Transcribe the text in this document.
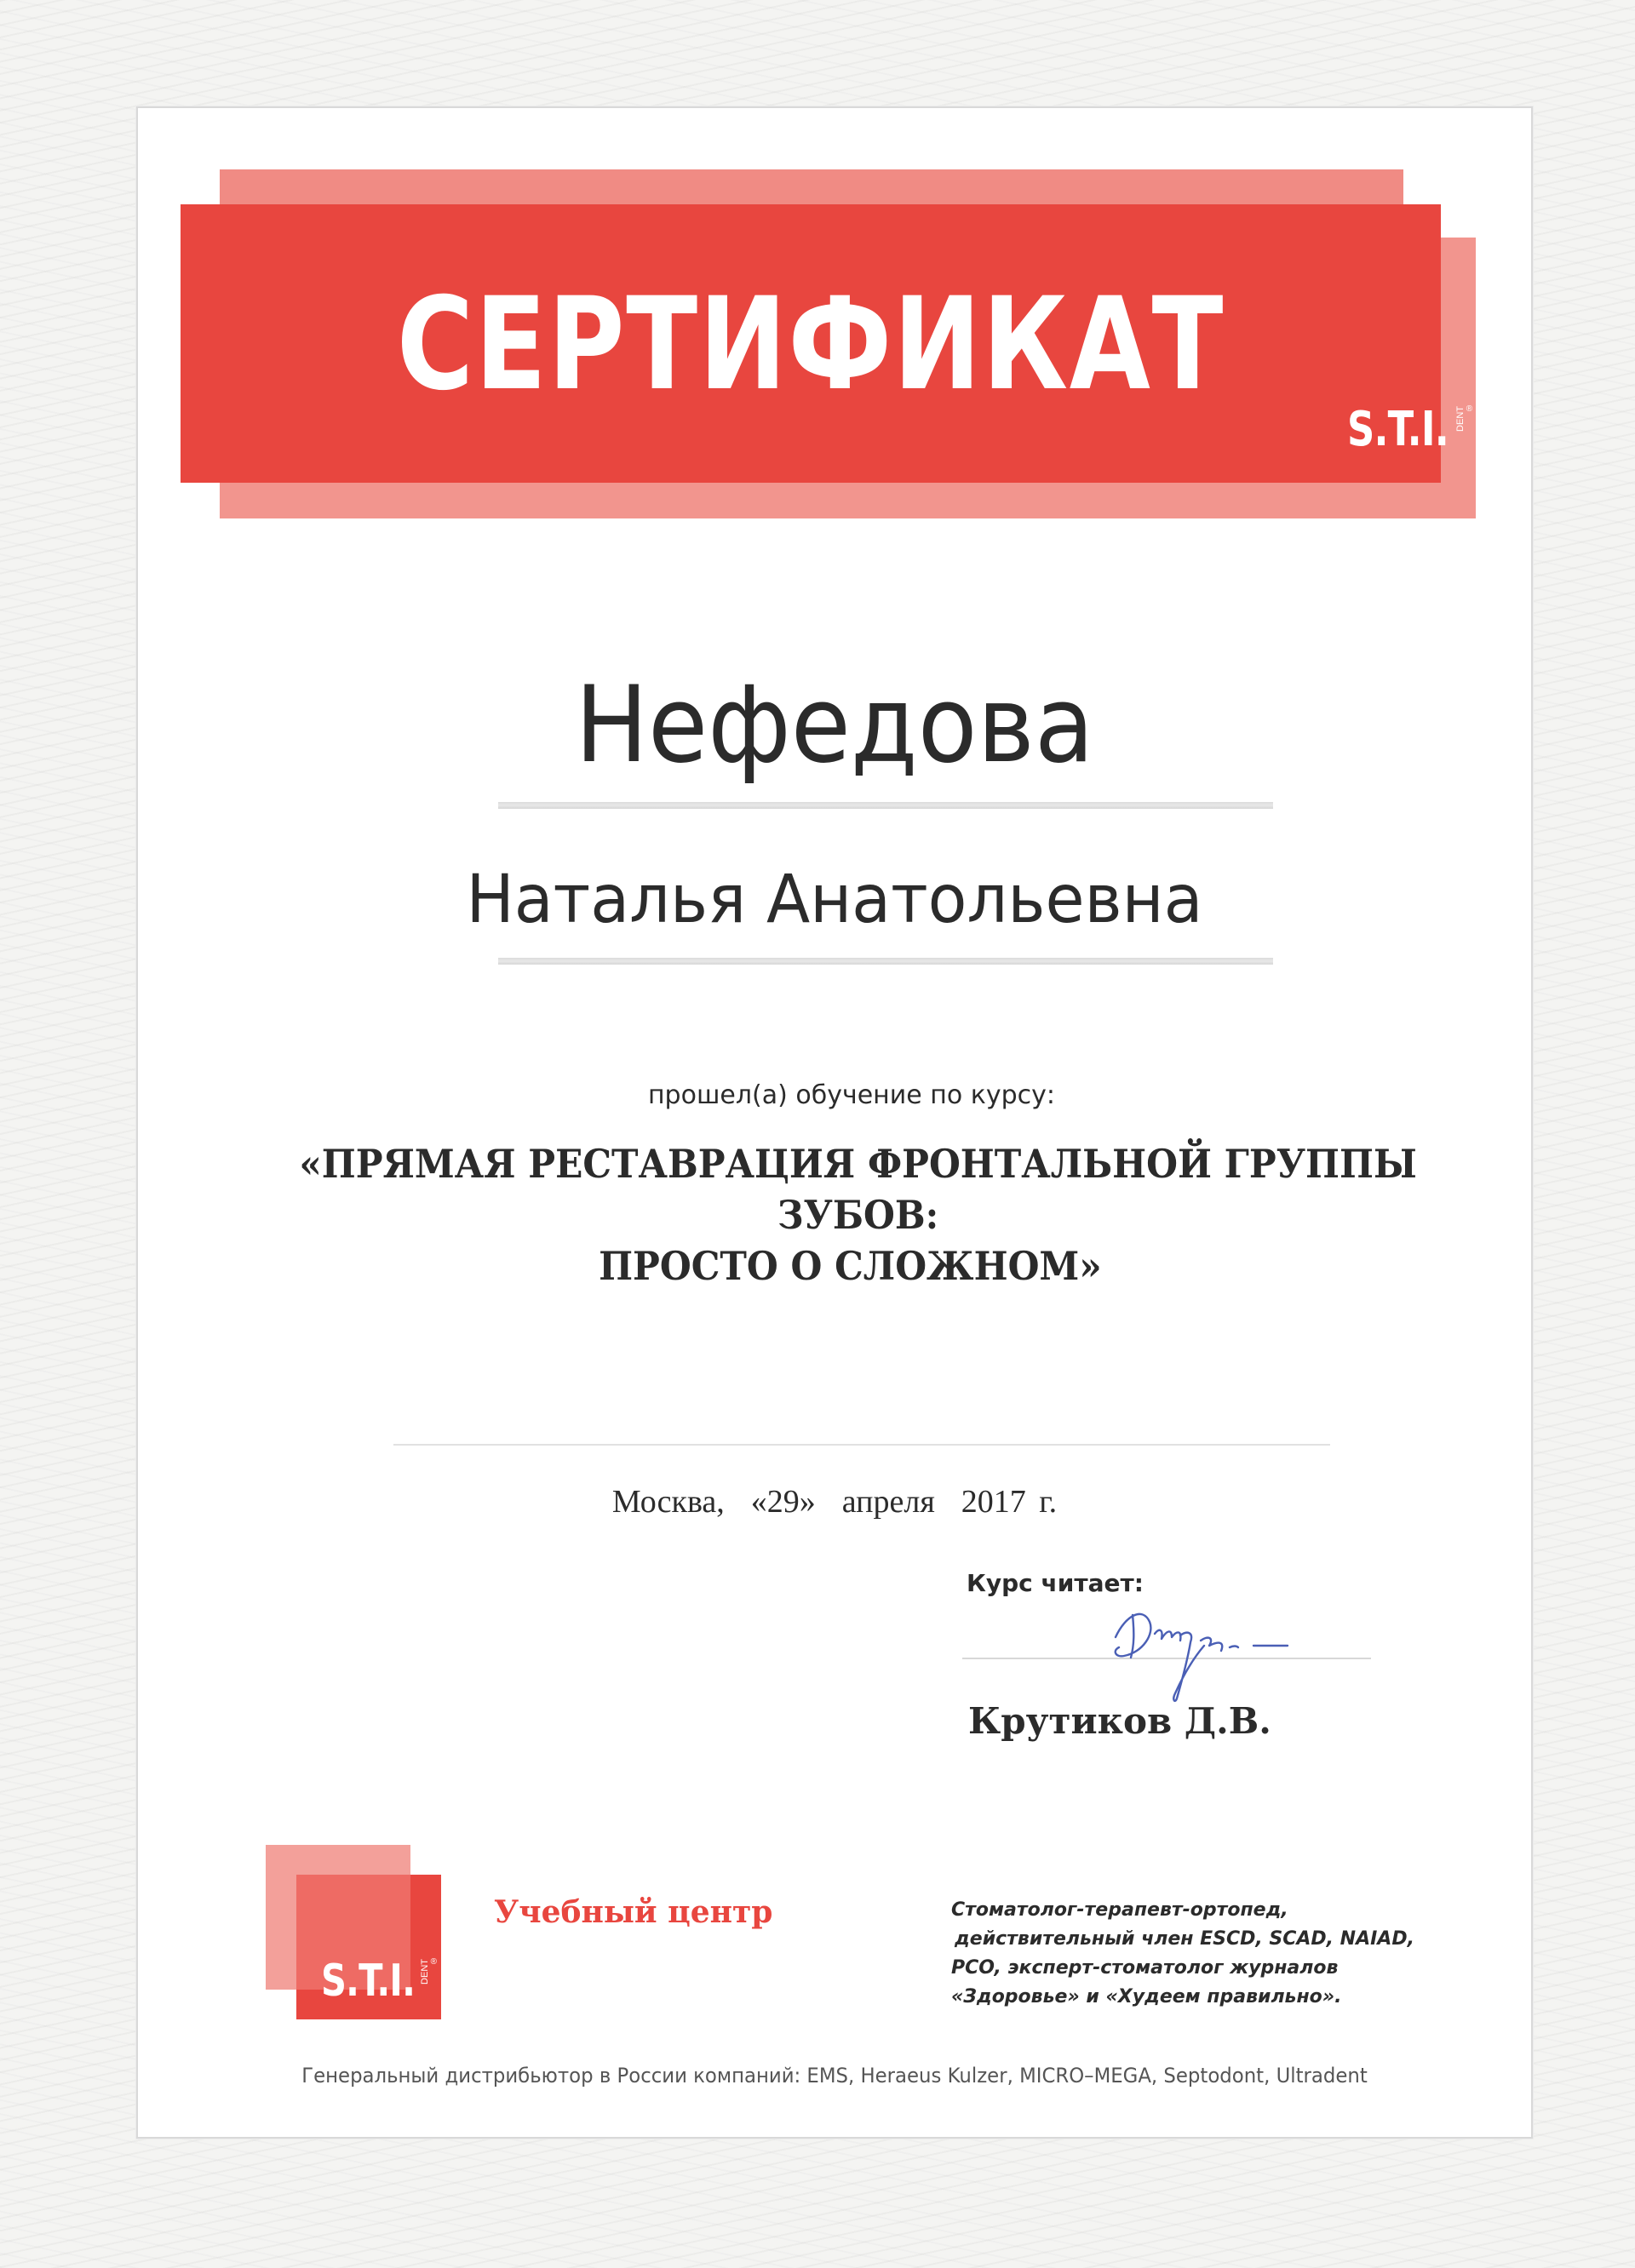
СЕРТИФИКАТ
S.T.I. DENT ®
Нефедова
Наталья Анатольевна
прошел(а) обучение по курсу:
«ПРЯМАЯ РЕСТАВРАЦИЯ ФРОНТАЛЬНОЙ ГРУППЫ ЗУБОВ:
ПРОСТО О СЛОЖНОМ»
Москва,  «29»  апреля  2017 г.
Курс читает:
Крутиков Д.В.
S.T.I. DENT ®
Учебный центр	Стоматолог-терапевт-ортопед,
действительный член ESCD, SCAD, NAIAD,
PCO, эксперт-стоматолог журналов
«Здоровье» и «Худеем правильно».
Генеральный дистрибьютор в России компаний: EMS, Heraeus Kulzer, MICRO–MEGA, Septodont, Ultradent
